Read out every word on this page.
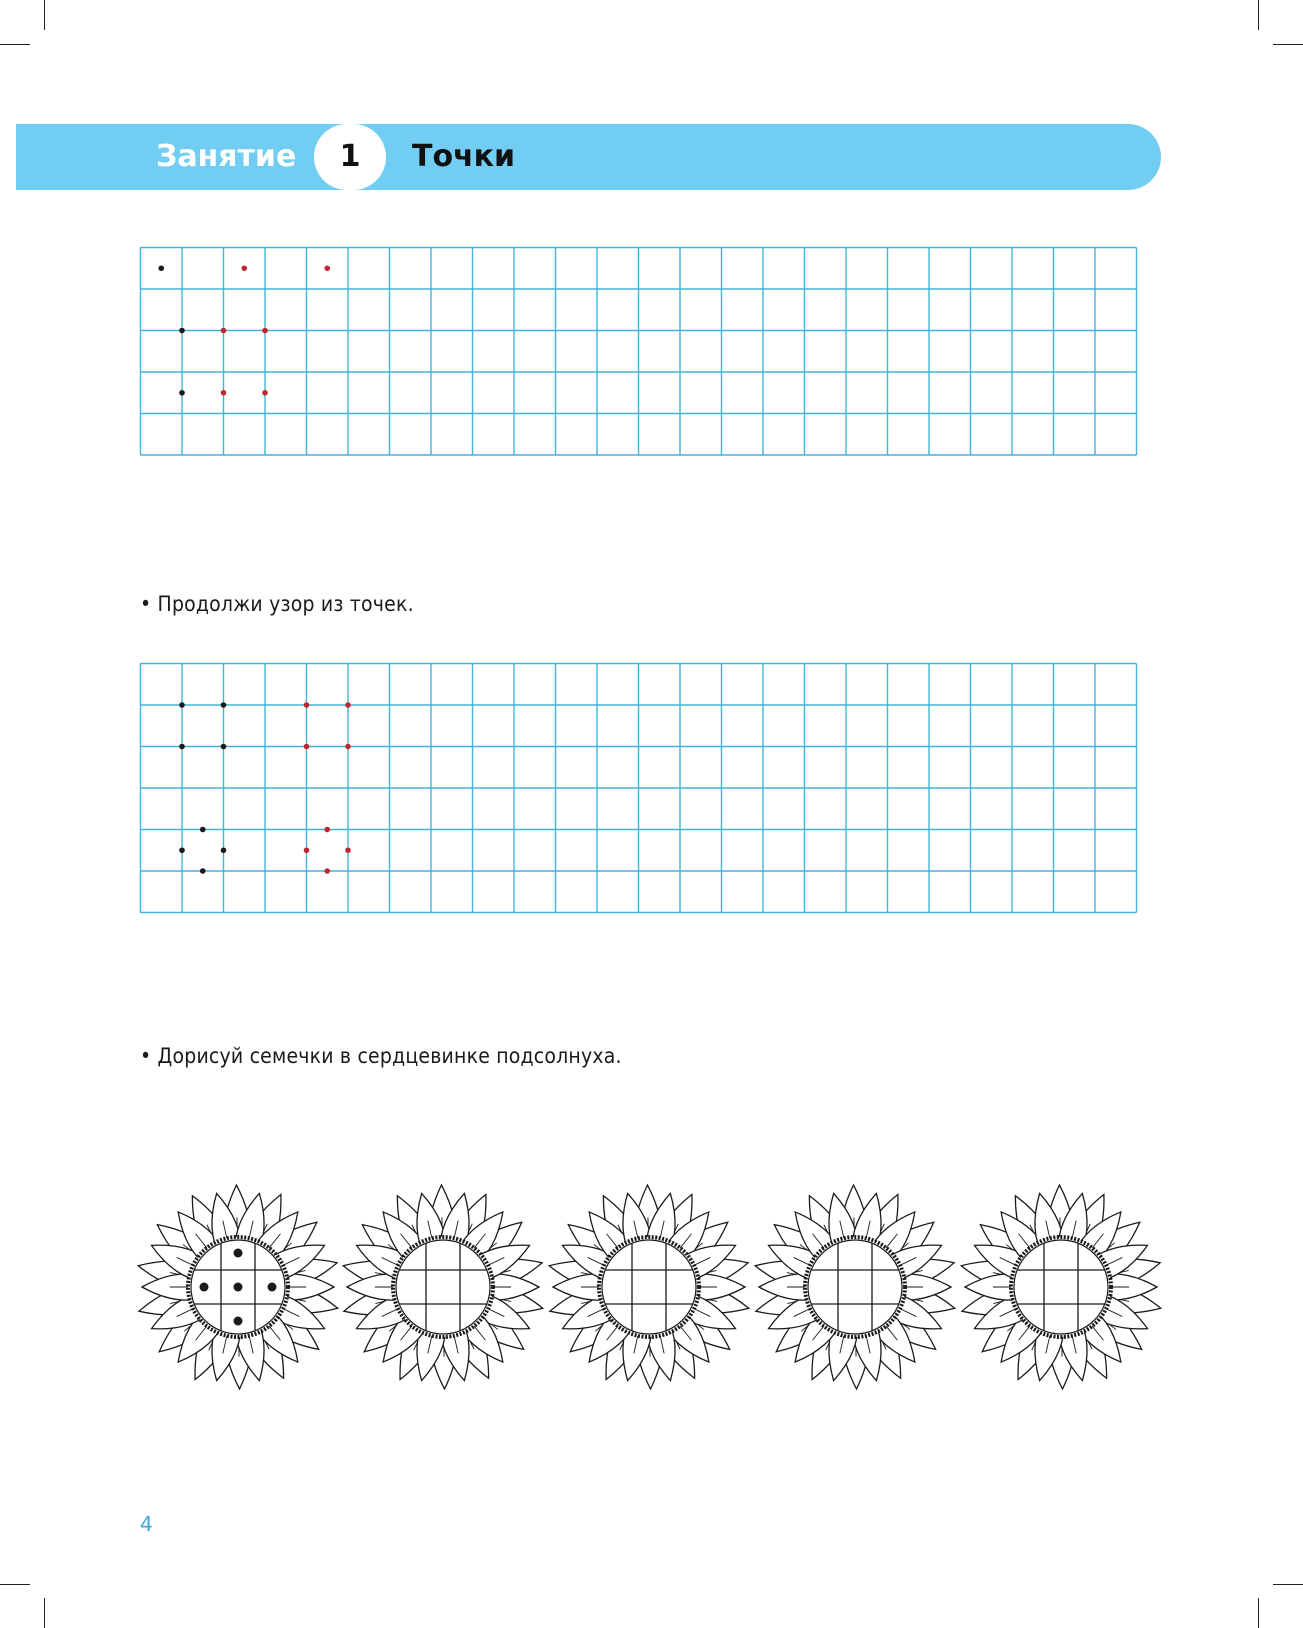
Занятие	1	Точки
• Продолжи узор из точек.
• Дорисуй семечки в сердцевинке подсолнуха.
4
